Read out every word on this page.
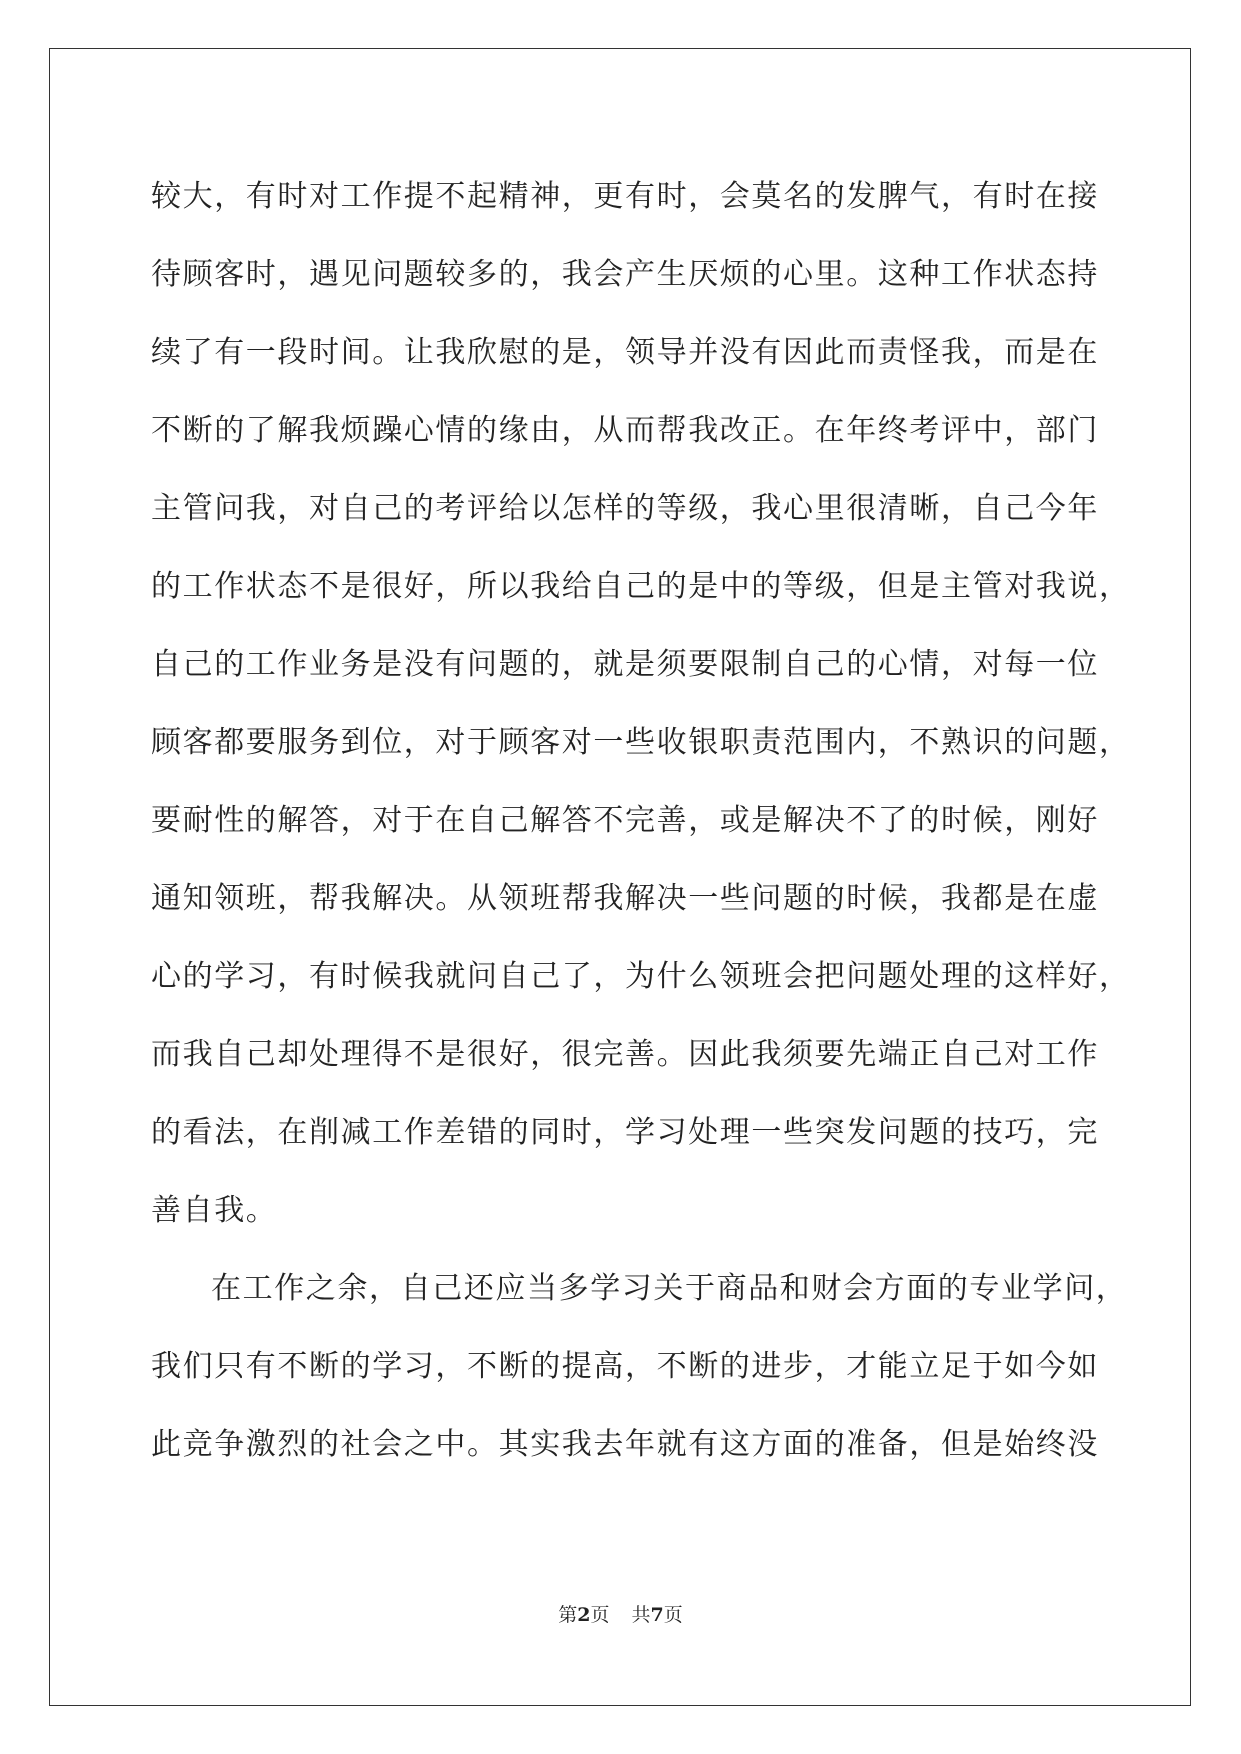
较大，有时对工作提不起精神，更有时，会莫名的发脾气，有时在接
待顾客时，遇见问题较多的，我会产生厌烦的心里。这种工作状态持
续了有一段时间。让我欣慰的是，领导并没有因此而责怪我，而是在
不断的了解我烦躁心情的缘由，从而帮我改正。在年终考评中，部门
主管问我，对自己的考评给以怎样的等级，我心里很清晰，自己今年
的工作状态不是很好，所以我给自己的是中的等级，但是主管对我说，
自己的工作业务是没有问题的，就是须要限制自己的心情，对每一位
顾客都要服务到位，对于顾客对一些收银职责范围内，不熟识的问题，
要耐性的解答，对于在自己解答不完善，或是解决不了的时候，刚好
通知领班，帮我解决。从领班帮我解决一些问题的时候，我都是在虚
心的学习，有时候我就问自己了，为什么领班会把问题处理的这样好，
而我自己却处理得不是很好，很完善。因此我须要先端正自己对工作
的看法，在削减工作差错的同时，学习处理一些突发问题的技巧，完
善自我。
在工作之余，自己还应当多学习关于商品和财会方面的专业学问，
我们只有不断的学习，不断的提高，不断的进步，才能立足于如今如
此竞争激烈的社会之中。其实我去年就有这方面的准备，但是始终没
第2页 共7页
